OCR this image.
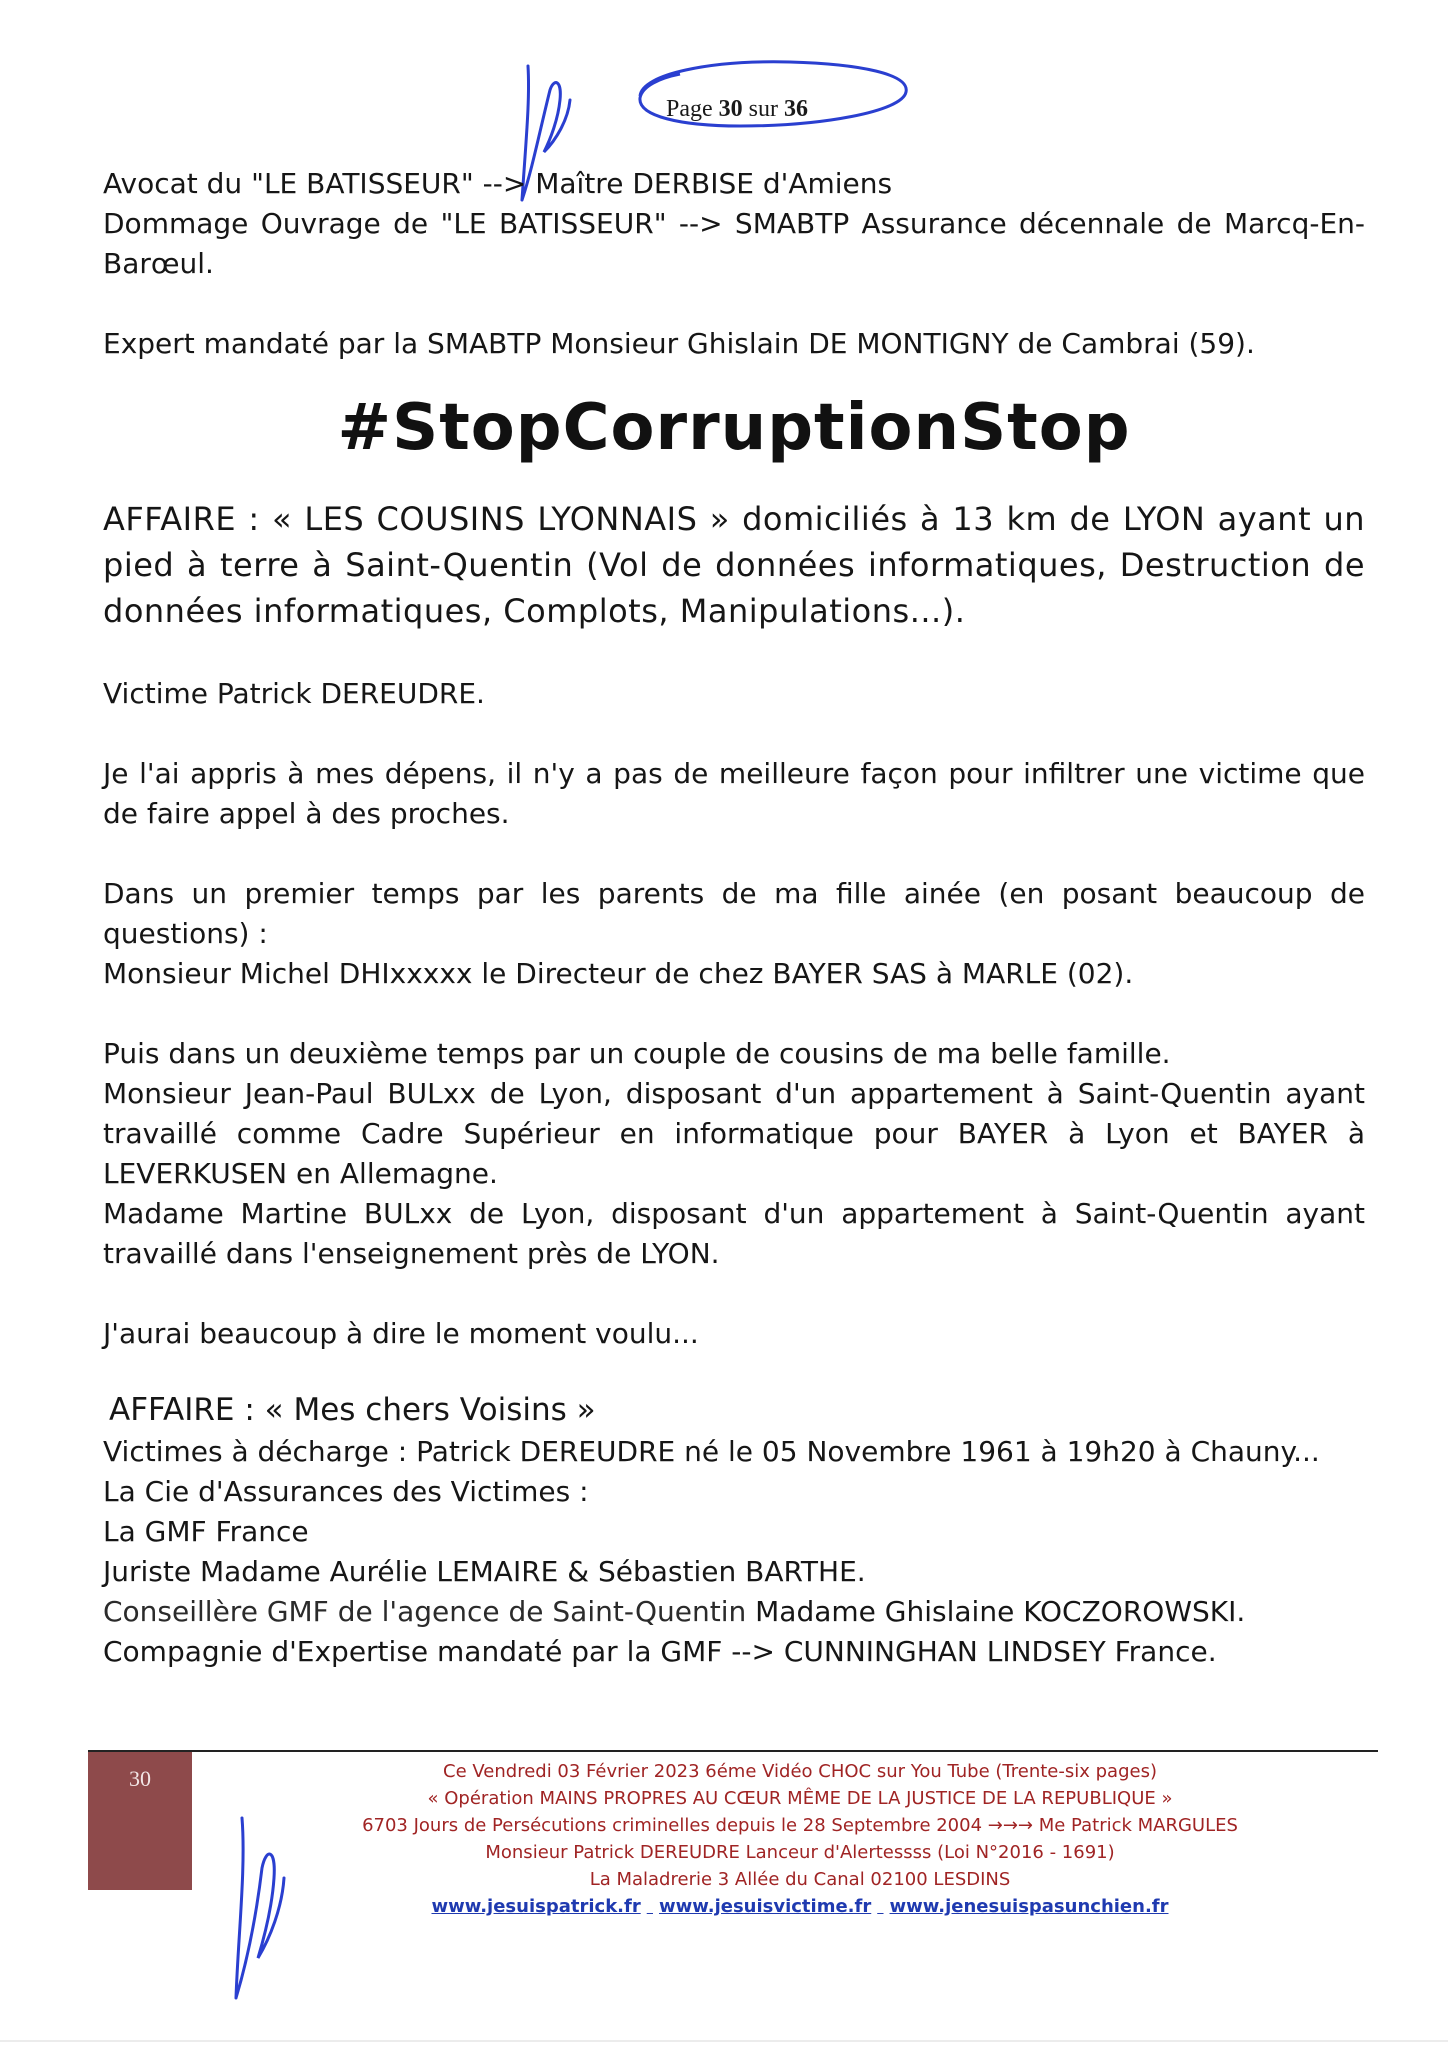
Page 30 sur 36

Avocat du "LE BATISSEUR" --> Maître DERBISE d'Amiens

Dommage Ouvrage de "LE BATISSEUR" --> SMABTP Assurance décennale de Marcq-En-Barœul.

Expert mandaté par la SMABTP Monsieur Ghislain DE MONTIGNY de Cambrai (59).

#StopCorruptionStop

AFFAIRE : « LES COUSINS LYONNAIS » domiciliés à 13 km de LYON ayant un pied à terre à Saint-Quentin (Vol de données informatiques, Destruction de données informatiques, Complots, Manipulations...).

Victime Patrick DEREUDRE.

Je l'ai appris à mes dépens, il n'y a pas de meilleure façon pour infiltrer une victime que de faire appel à des proches.

Dans un premier temps par les parents de ma fille ainée (en posant beaucoup de questions) :

Monsieur Michel DHIxxxxx le Directeur de chez BAYER SAS à MARLE (02).

Puis dans un deuxième temps par un couple de cousins de ma belle famille.

Monsieur Jean-Paul BULxx de Lyon, disposant d'un appartement à Saint-Quentin ayant travaillé comme Cadre Supérieur en informatique pour BAYER à Lyon et BAYER à LEVERKUSEN en Allemagne.

Madame Martine BULxx de Lyon, disposant d'un appartement à Saint-Quentin ayant travaillé dans l'enseignement près de LYON.

J'aurai beaucoup à dire le moment voulu...

AFFAIRE : « Mes chers Voisins »

Victimes à décharge : Patrick DEREUDRE né le 05 Novembre 1961 à 19h20 à Chauny...

La Cie d'Assurances des Victimes :

La GMF France

Juriste Madame Aurélie LEMAIRE & Sébastien BARTHE.

Conseillère GMF de l'agence de Saint-Quentin Madame Ghislaine KOCZOROWSKI.

Compagnie d'Expertise mandaté par la GMF --> CUNNINGHAN LINDSEY France.

30	Ce Vendredi 03 Février 2023 6éme Vidéo CHOC sur You Tube (Trente-six pages)
« Opération MAINS PROPRES AU CŒUR MÊME DE LA JUSTICE DE LA REPUBLIQUE »
6703 Jours de Persécutions criminelles depuis le 28 Septembre 2004 →→→ Me Patrick MARGULES
Monsieur Patrick DEREUDRE Lanceur d'Alertessss (Loi N°2016 - 1691)
La Maladrerie 3 Allée du Canal 02100 LESDINS
www.jesuispatrick.fr www.jesuisvictime.fr www.jenesuispasunchien.fr
